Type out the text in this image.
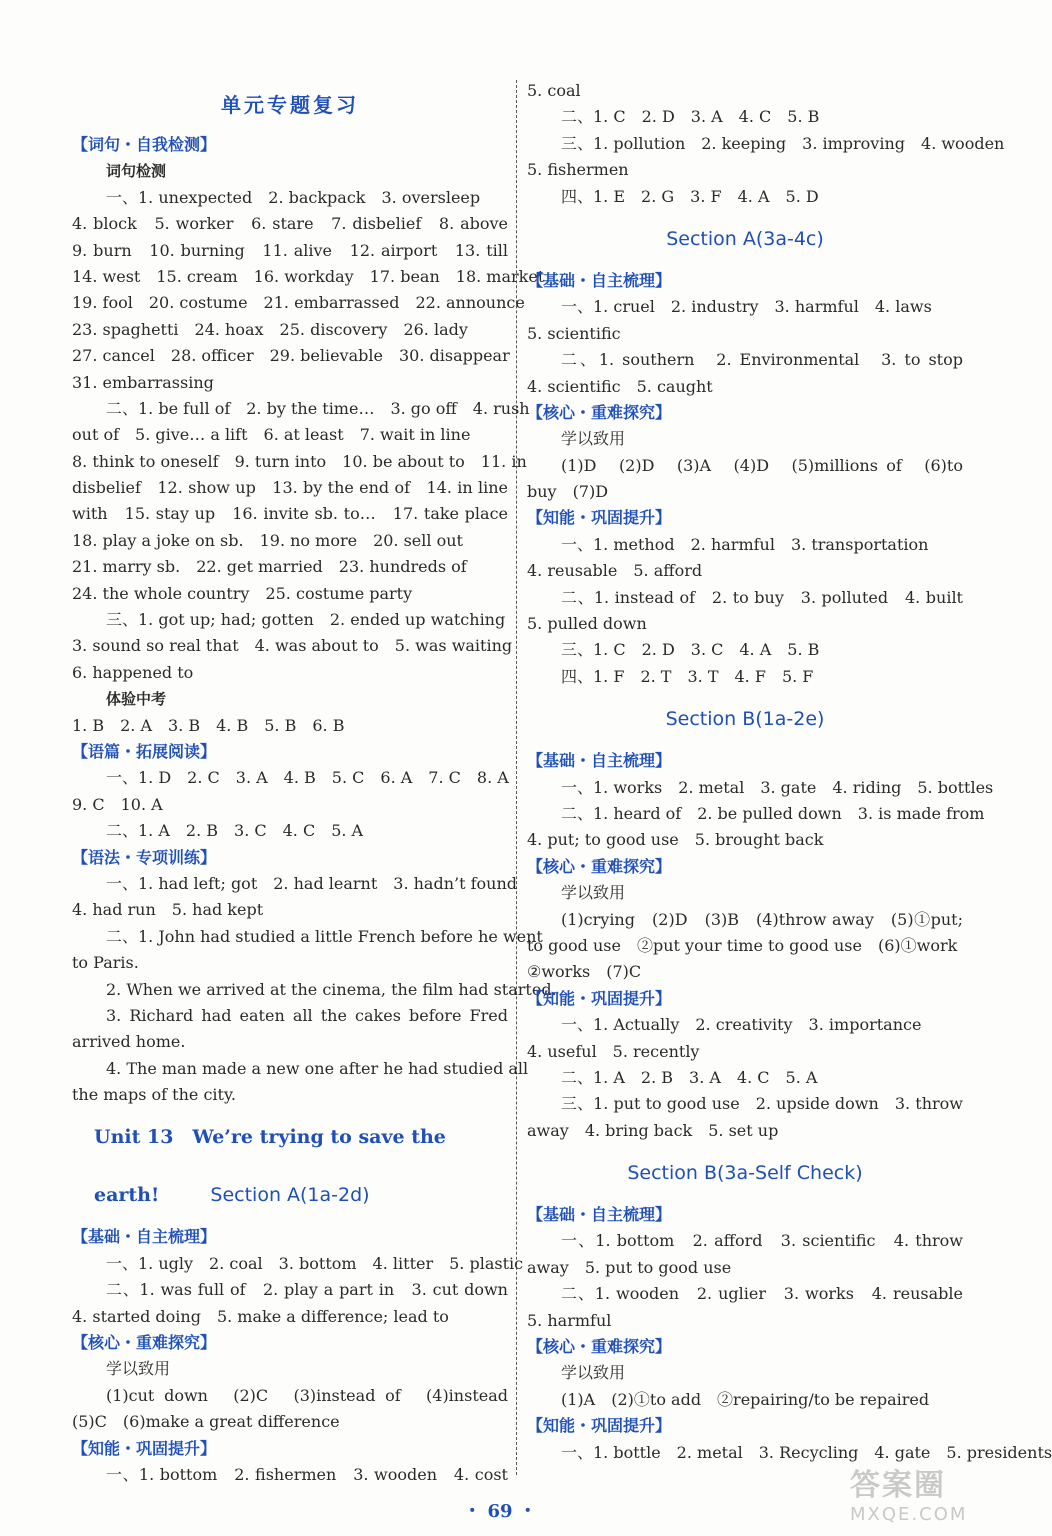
单元专题复习
【词句・自我检测】
词句检测
一、1. unexpected　2. backpack　3. oversleep
4. block　5. worker　6. stare　7. disbelief　8. above
9. burn　10. burning　11. alive　12. airport　13. till
14. west　15. cream　16. workday　17. bean　18. market
19. fool　20. costume　21. embarrassed　22. announce
23. spaghetti　24. hoax　25. discovery　26. lady
27. cancel　28. officer　29. believable　30. disappear
31. embarrassing
二、1. be full of　2. by the time…　3. go off　4. rush
out of　5. give… a lift　6. at least　7. wait in line
8. think to oneself　9. turn into　10. be about to　11. in
disbelief　12. show up　13. by the end of　14. in line
with　15. stay up　16. invite sb. to…　17. take place
18. play a joke on sb.　19. no more　20. sell out
21. marry sb.　22. get married　23. hundreds of
24. the whole country　25. costume party
三、1. got up; had; gotten　2. ended up watching
3. sound so real that　4. was about to　5. was waiting
6. happened to
体验中考
1. B　2. A　3. B　4. B　5. B　6. B
【语篇・拓展阅读】
一、1. D　2. C　3. A　4. B　5. C　6. A　7. C　8. A
9. C　10. A
二、1. A　2. B　3. C　4. C　5. A
【语法・专项训练】
一、1. had left; got　2. had learnt　3. hadn’t found
4. had run　5. had kept
二、1. John had studied a little French before he went
to Paris.
2. When we arrived at the cinema, the film had started.
3. Richard had eaten all the cakes before Fred
arrived home.
4. The man made a new one after he had studied all
the maps of the city.
Unit 13　We’re trying to save the earth!	Section A(1a-2d)
【基础・自主梳理】
一、1. ugly　2. coal　3. bottom　4. litter　5. plastic
二、1. was full of　2. play a part in　3. cut down
4. started doing　5. make a difference; lead to
【核心・重难探究】
学以致用
(1)cut down　(2)C　(3)instead of　(4)instead
(5)C　(6)make a great difference
【知能・巩固提升】
一、1. bottom　2. fishermen　3. wooden　4. cost
5. coal
二、1. C　2. D　3. A　4. C　5. B
三、1. pollution　2. keeping　3. improving　4. wooden
5. fishermen
四、1. E　2. G　3. F　4. A　5. D
Section A(3a-4c)
【基础・自主梳理】
一、1. cruel　2. industry　3. harmful　4. laws
5. scientific
二、1. southern　2. Environmental　3. to stop
4. scientific　5. caught
【核心・重难探究】
学以致用
(1)D　(2)D　(3)A　(4)D　(5)millions of　(6)to
buy　(7)D
【知能・巩固提升】
一、1. method　2. harmful　3. transportation
4. reusable　5. afford
二、1. instead of　2. to buy　3. polluted　4. built
5. pulled down
三、1. C　2. D　3. C　4. A　5. B
四、1. F　2. T　3. T　4. F　5. F
Section B(1a-2e)
【基础・自主梳理】
一、1. works　2. metal　3. gate　4. riding　5. bottles
二、1. heard of　2. be pulled down　3. is made from
4. put; to good use　5. brought back
【核心・重难探究】
学以致用
(1)crying　(2)D　(3)B　(4)throw away　(5)①put;
to good use　②put your time to good use　(6)①work
②works　(7)C
【知能・巩固提升】
一、1. Actually　2. creativity　3. importance
4. useful　5. recently
二、1. A　2. B　3. A　4. C　5. A
三、1. put to good use　2. upside down　3. throw
away　4. bring back　5. set up
Section B(3a-Self Check)
【基础・自主梳理】
一、1. bottom　2. afford　3. scientific　4. throw
away　5. put to good use
二、1. wooden　2. uglier　3. works　4. reusable
5. harmful
【核心・重难探究】
学以致用
(1)A　(2)①to add　②repairing/to be repaired
【知能・巩固提升】
一、1. bottle　2. metal　3. Recycling　4. gate　5. presidents
・ 69 ・
答案圈
MXQE.COM
